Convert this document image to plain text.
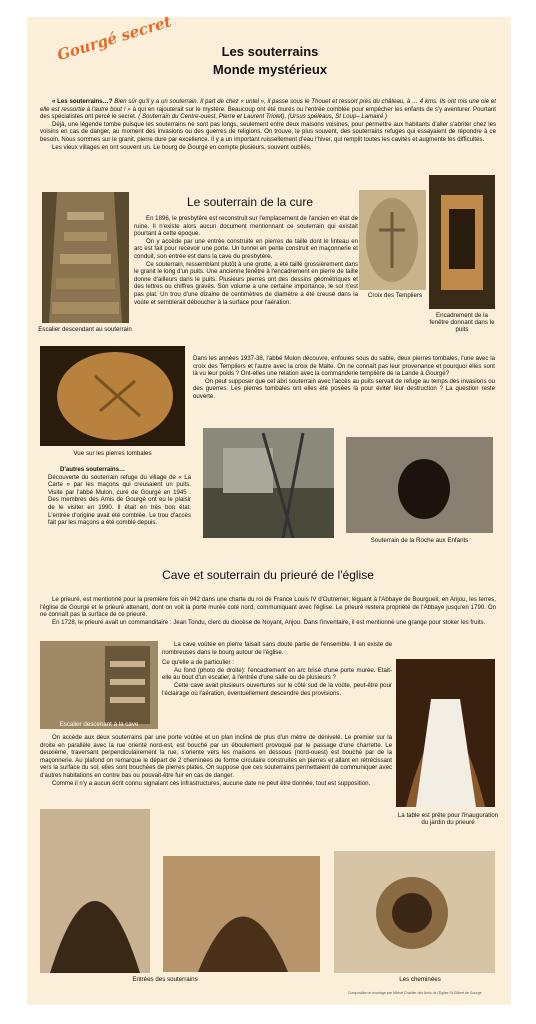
Gourgé secret	Les souterrains
Monde mystérieux

« Les souterrains…? Bien sûr qu'il y a un souterrain. Il part de chez « untel », il passe sous le Thouet et ressort près du château, à … 4 kms. Ils ont mis une oie et elle est ressortie à l'autre bout ! » à qui en rajouterait sur le mystère. Beaucoup ont été murés ou l'entrée comblée pour empêcher les enfants de s'y aventurer. Pourtant des spécialistes ont percé le secret. ( Souterrain du Centre-ouest, Pierre et Laurent Triolet), (Ursus spéléaus, St Loup– Lamairé )

Déjà, une légende tombe puisque les souterrains ne sont pas longs, seulement entre deux maisons voisines, pour permettre aux habitants d'aller s'abriter chez les voisins en cas de danger, au moment des invasions ou des guerres de religions. On trouve, le plus souvent, des souterrains refuges qui essayaient de répondre à ce besoin. Nous sommes sur le granit, pierre dure par excellence. Il y a un important ruissellement d'eau l'hiver, qui remplit toutes les cavités et augmente les difficultés.

Les vieux villages en ont souvent un. Le bourg de Gourgé en compte plusieurs, souvent oubliés.

Le souterrain de la cure
Escalier descendant au souterrain

En 1896, le presbytère est reconstruit sur l'emplacement de l'ancien en état de ruine. Il n'existe alors aucun document mentionnant ce souterrain qui existait pourtant à cette époque.

On y accède par une entrée construite en pierres de taille dont le linteau en arc est fait pour recevoir une porte. Un tunnel en pente construit en maçonnerie et conduit, son entrée est dans la cave du presbytère.

Ce souterrain, ressemblant plutôt à une grotte, a été taillé grossièrement dans le granit le long d'un puits. Une ancienne fenêtre à l'encadrement en pierre de taille donne d'ailleurs dans le puits. Plusieurs pierres ont des dessins géométriques et des lettres ou chiffres gravés. Son volume a une certaine importance, le sol n'est pas plat. Un trou d'une dizaine de centimètres de diamètre a été creusé dans la voûte et semblerait déboucher à la surface pour l'aération.

Croix des Templiers
Encadrement de la fenêtre donnant dans le puits
Vue sur les pierres tombales

Dans les années 1937-38, l'abbé Mulon découvre, enfouies sous du sable, deux pierres tombales, l'une avec la croix des Templiers et l'autre avec la croix de Malte. On ne connaît pas leur provenance et pourquoi elles sont là vu leur poids ? Ont-elles une relation avec la commanderie templière de la Lande à Gourgé?

On peut supposer que cet abri souterrain avec l'accès au puits servait de refuge au temps des invasions ou des guerres. Les pierres tombales ont elles été posées là pour éviter leur destruction ? La question reste ouverte.

D'autres souterrains…

Découverte du souterrain refuge du village de « La Carte » par les maçons qui creusaient un puits. Visite par l'abbé Mulon, curé de Gourgé en 1945 . Des membres des Amis de Gourgé ont eu le plaisir de le visiter en 1990. Il était en très bon état. L'entrée d'origine avait été comblée. Le trou d'accès fait par les maçons a été comblé depuis.

Souterrain de la Roche aux Enfants
Cave et souterrain du prieuré de l'église

Le prieuré, est mentionné pour la première fois en 942 dans une charte du roi de France Louis IV d'Outremer, léguant à l'Abbaye de Bourgueil, en Anjou, les terres, l'église de Gourgé et le prieuré attenant, dont on voit la porte murée coté nord, communiquant avec l'église. Le prieuré restera propriété de l'Abbaye jusqu'en 1790. On ne connaît pas la surface de ce prieuré.

En 1728, le prieuré avait un commanditaire : Jean Tondu, clerc du diocèse de Noyant, Anjou. Dans l'inventaire, il est mentionné une grange pour stoker les fruits.

Escalier descenant à la cave

La cave voûtée en pierre faisait sans doute partie de l'ensemble. Il en existe de nombreuses dans le bourg autour de l'église.

Ce qu'elle a de particulier :

Au fond (photo de droite): l'encadrement en arc brisé d'une porte murée. Etait-elle au bout d'un escalier, à l'entrée d'une salle ou de plusieurs ?

Cette cave avait plusieurs ouvertures sur le côté sud de la voûte, peut-être pour l'éclairage où l'aération, éventuellement descendre des provisions.

La table est prête pour l'inauguration du jardin du prieuré

On accède aux deux souterrains par une porte voûtée et un plan incliné de plus d'un mètre de dénivelé. Le premier sur la droite en parallèle avec la rue orienté nord-est, est bouché par un éboulement provoqué par le passage d'une charrette. Le deuxième, traversant perpendiculairement la rue, s'oriente vers les maisons en dessous (nord-ouest) est bouché par de la maçonnerie. Au plafond on remarque le départ de 2 cheminées de forme circulaire construites en pierres et allant en rétrécissant vers la surface du sol, elles sont bouchées de pierres plates. On suppose que ces souterrains permettaient de communiquer avec d'autres habitations en contre bas ou pouvait-être fuir en cas de danger.

Comme il n'y a aucun écrit connu signalant ces infrastructures, aucune date ne peut être donnée, tout est supposition.

Entrées des souterrains	Les cheminées
Composition et montage par Michel Chartier des Amis de l'Eglise St Gilbert de Gourgé
